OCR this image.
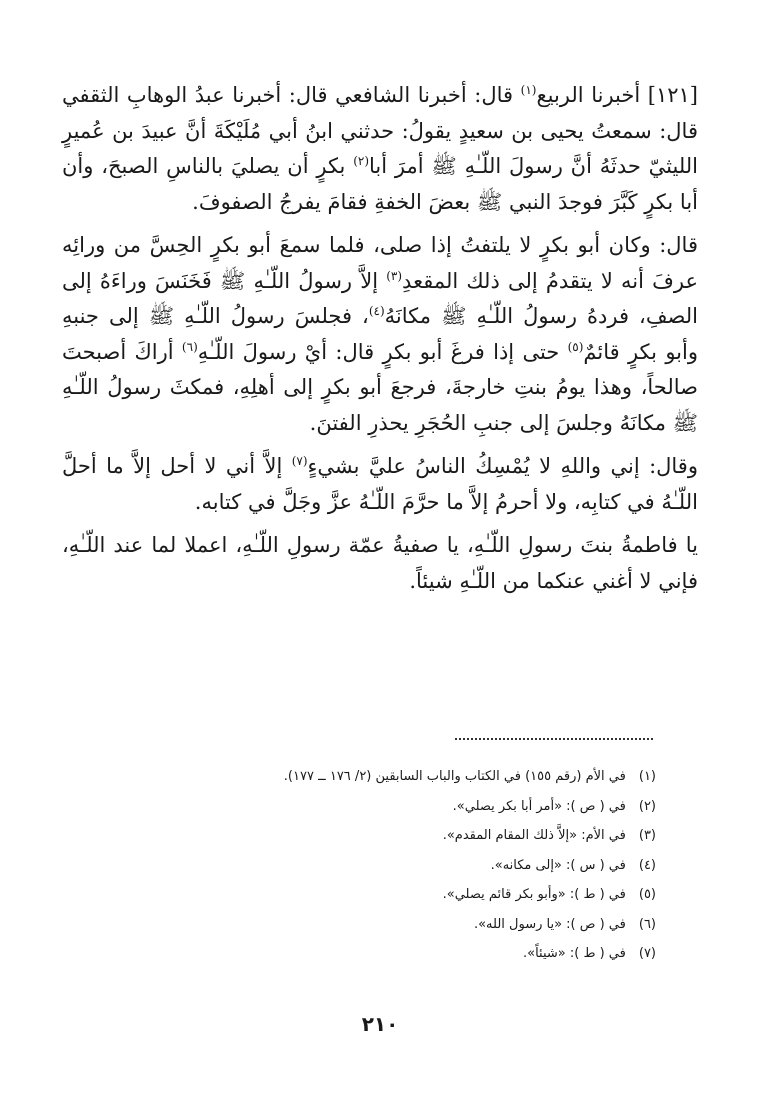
[١٢١] أخبرنا الربيع$^{(١)}$ قال: أخبرنا الشافعي قال: أخبرنا عبدُ الوهابِ الثقفي قال: سمعتُ يحيى بن سعيدٍ يقولُ: حدثني ابنُ أبي مُلَيْكَةَ أنَّ عبيدَ بن عُميرٍ الليثيّ حدثَهُ أنَّ رسولَ اللّـٰهِ ﷺ أمرَ أبا$^{(٢)}$ بكرٍ أن يصليَ بالناسِ الصبحَ، وأن أبا بكرٍ كَبَّرَ فوجدَ النبي ﷺ بعضَ الخفةِ فقامَ يفرجُ الصفوفَ.

قال: وكان أبو بكرٍ لا يلتفتُ إذا صلى، فلما سمعَ أبو بكرٍ الحِسَّ من ورائِه عرفَ أنه لا يتقدمُ إلى ذلك المقعدِ$^{(٣)}$ إلاَّ رسولُ اللّـٰهِ ﷺ فَخَنَسَ وراءَهُ إلى الصفِ، فردهُ رسولُ اللّـٰهِ ﷺ مكانَهُ$^{(٤)}$، فجلسَ رسولُ اللّـٰهِ ﷺ إلى جنبهِ وأبو بكرٍ قائمٌ$^{(٥)}$ حتى إذا فرغَ أبو بكرٍ قال: أيْ رسولَ اللّـٰهِ$^{(٦)}$ أراكَ أصبحتَ صالحاً، وهذا يومُ بنتِ خارجةَ، فرجعَ أبو بكرٍ إلى أهلِهِ، فمكثَ رسولُ اللّـٰهِ ﷺ مكانَهُ وجلسَ إلى جنبِ الحُجَرِ يحذرِ الفتنَ.

وقال: إني واللهِ لا يُمْسِكُ الناسُ عليَّ بشيءٍ$^{(٧)}$ إلاَّ أني لا أحل إلاَّ ما أحلَّ اللّـٰهُ في كتابِه، ولا أحرمُ إلاَّ ما حرَّمَ اللّـٰهُ عزَّ وجَلَّ في كتابه.

يا فاطمةُ بنتَ رسولِ اللّـٰهِ، يا صفيةُ عمّة رسولِ اللّـٰهِ، اعملا لما عند اللّـٰهِ، فإني لا أغني عنكما من اللّـٰهِ شيئاً.

(١) في الأم (رقم ١٥٥) في الكتاب والباب السابقين (٢/ ١٧٦ ــ ١٧٧).
(٢) في ( ص ): «أمر أبا بكر يصلي».
(٣) في الأم: «إلاَّ ذلك المقام المقدم».
(٤) في ( س ): «إلى مكانه».
(٥) في ( ط ): «وأبو بكر قائم يصلي».
(٦) في ( ص ): «يا رسول الله».
(٧) في ( ط ): «شيئاً».
٢١٠
